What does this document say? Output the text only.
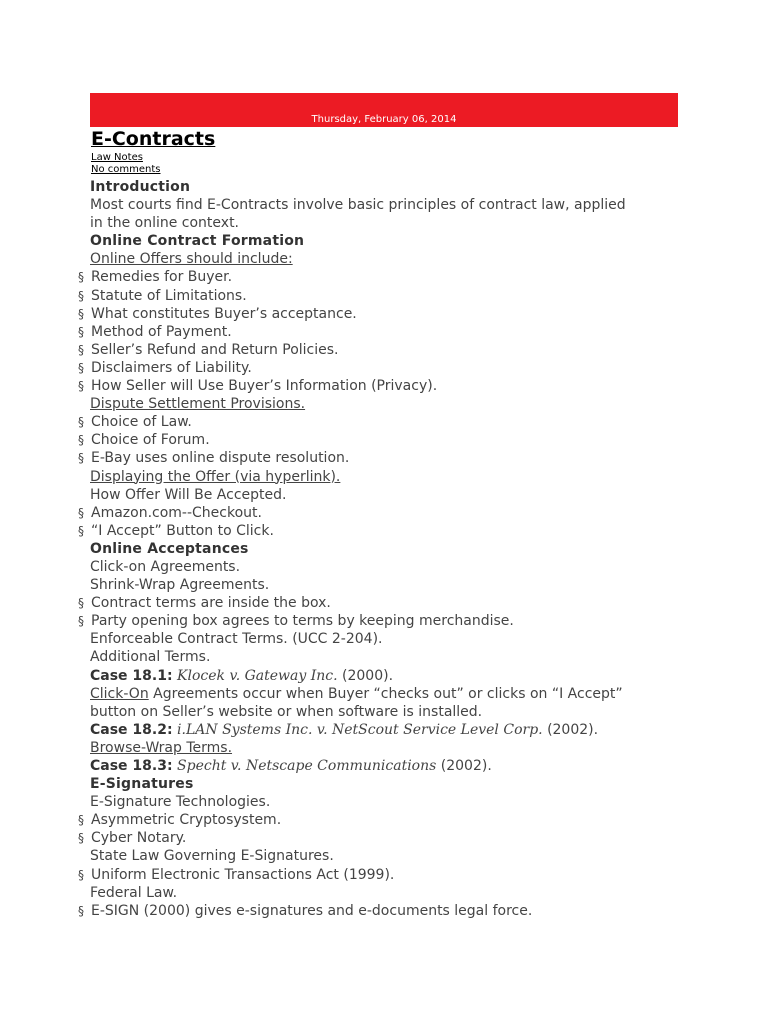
Thursday, February 06, 2014
E-Contracts
Law Notes
No comments
Introduction
Most courts find E-Contracts involve basic principles of contract law, applied
in the online context.
Online Contract Formation
Online Offers should include:
§ Remedies for Buyer.
§ Statute of Limitations.
§ What constitutes Buyer’s acceptance.
§ Method of Payment.
§ Seller’s Refund and Return Policies.
§ Disclaimers of Liability.
§ How Seller will Use Buyer’s Information (Privacy).
Dispute Settlement Provisions.
§ Choice of Law.
§ Choice of Forum.
§ E-Bay uses online dispute resolution.
Displaying the Offer (via hyperlink).
How Offer Will Be Accepted.
§ Amazon.com--Checkout.
§ “I Accept” Button to Click.
Online Acceptances
Click-on Agreements.
Shrink-Wrap Agreements.
§ Contract terms are inside the box.
§ Party opening box agrees to terms by keeping merchandise.
Enforceable Contract Terms. (UCC 2-204).
Additional Terms.
Case 18.1: Klocek v. Gateway Inc. (2000).
Click-On Agreements occur when Buyer “checks out” or clicks on “I Accept”
button on Seller’s website or when software is installed.
Case 18.2: i.LAN Systems Inc. v. NetScout Service Level Corp. (2002).
Browse-Wrap Terms.
Case 18.3: Specht v. Netscape Communications (2002).
E-Signatures
E-Signature Technologies.
§ Asymmetric Cryptosystem.
§ Cyber Notary.
State Law Governing E-Signatures.
§ Uniform Electronic Transactions Act (1999).
Federal Law.
§ E-SIGN (2000) gives e-signatures and e-documents legal force.
